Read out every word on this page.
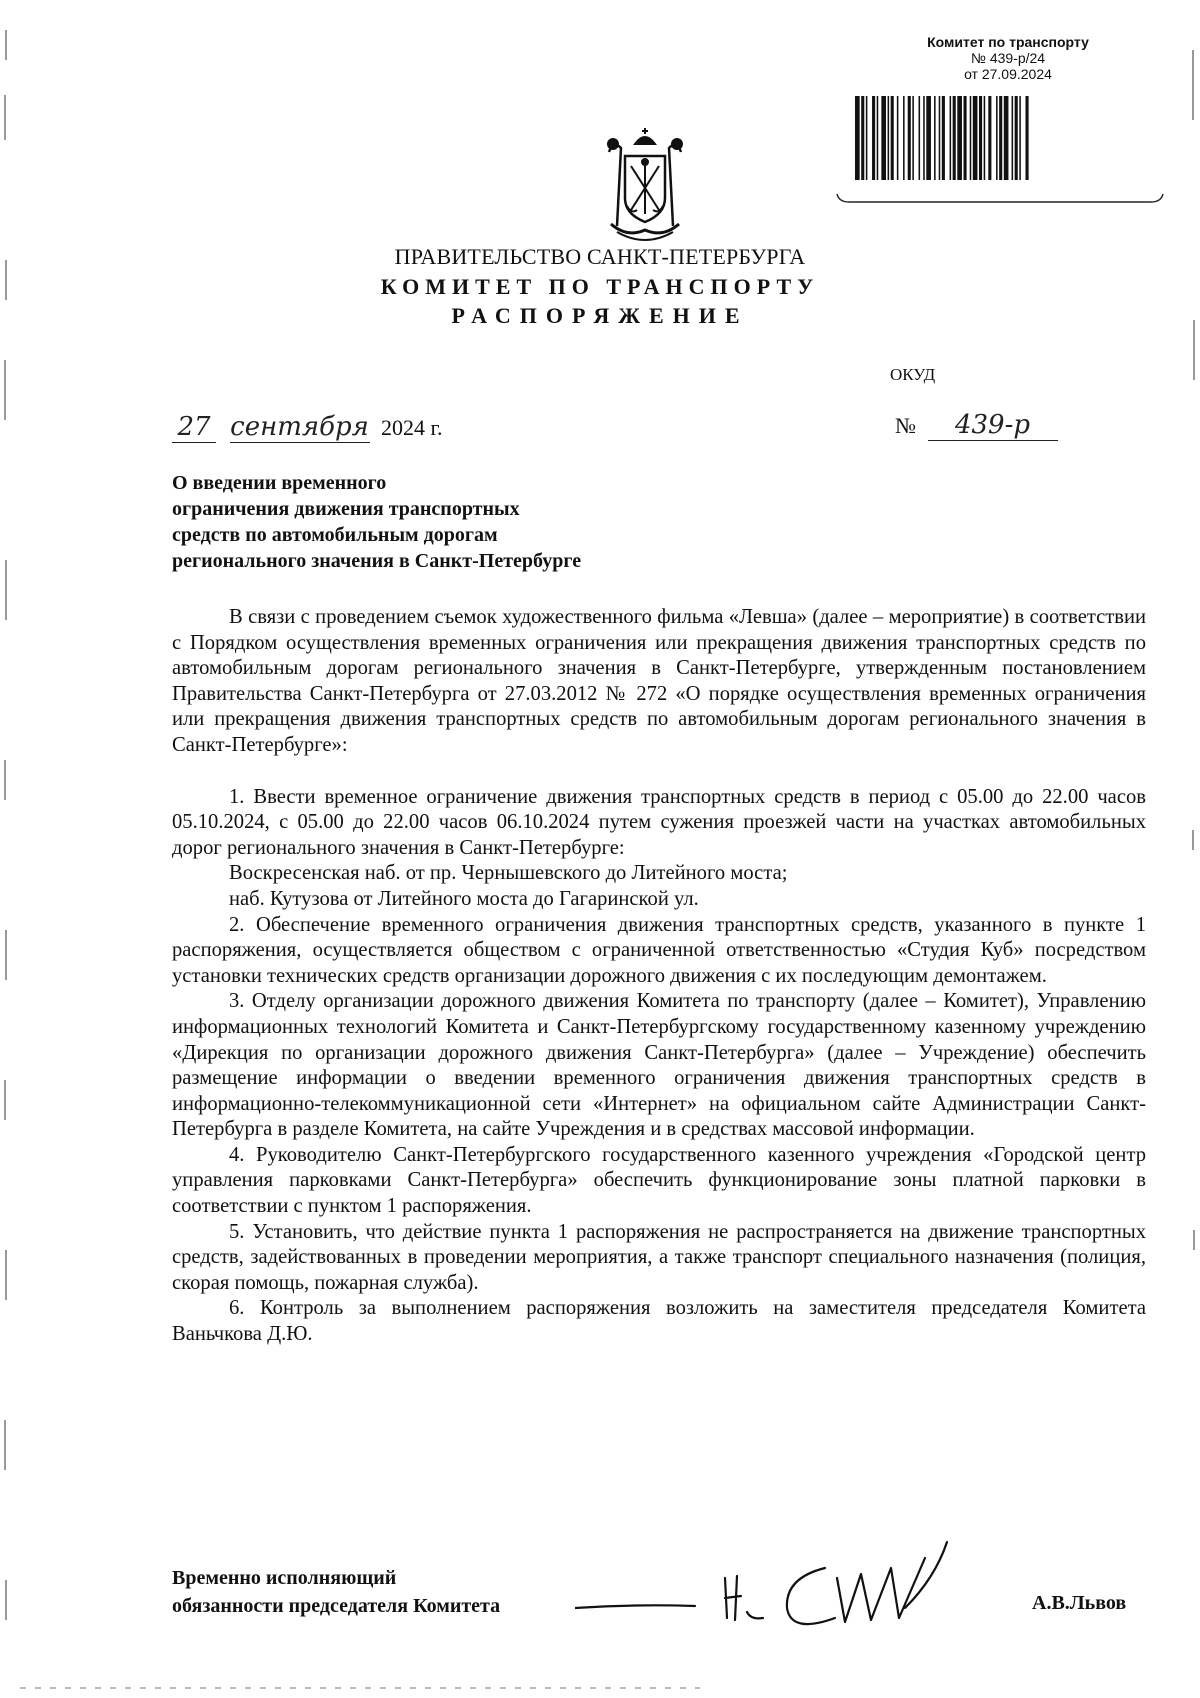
Комитет по транспорту
№ 439-р/24
от 27.09.2024
ПРАВИТЕЛЬСТВО САНКТ-ПЕТЕРБУРГА
КОМИТЕТ ПО ТРАНСПОРТУ
РАСПОРЯЖЕНИЕ
ОКУД
27 сентября 2024 г.	№ 439-р
О введении временного
ограничения движения транспортных
средств по автомобильным дорогам
регионального значения в Санкт-Петербурге

В связи с проведением съемок художественного фильма «Левша» (далее – мероприятие) в соответствии с Порядком осуществления временных ограничения или прекращения движения транспортных средств по автомобильным дорогам регионального значения в Санкт-Петербурге, утвержденным постановлением Правительства Санкт-Петербурга от 27.03.2012 № 272 «О порядке осуществления временных ограничения или прекращения движения транспортных средств по автомобильным дорогам регионального значения в Санкт-Петербурге»:

1. Ввести временное ограничение движения транспортных средств в период с 05.00 до 22.00 часов 05.10.2024, с 05.00 до 22.00 часов 06.10.2024 путем сужения проезжей части на участках автомобильных дорог регионального значения в Санкт-Петербурге:

Воскресенская наб. от пр. Чернышевского до Литейного моста;

наб. Кутузова от Литейного моста до Гагаринской ул.

2. Обеспечение временного ограничения движения транспортных средств, указанного в пункте 1 распоряжения, осуществляется обществом с ограниченной ответственностью «Студия Куб» посредством установки технических средств организации дорожного движения с их последующим демонтажем.

3. Отделу организации дорожного движения Комитета по транспорту (далее – Комитет), Управлению информационных технологий Комитета и Санкт-Петербургскому государственному казенному учреждению «Дирекция по организации дорожного движения Санкт-Петербурга» (далее – Учреждение) обеспечить размещение информации о введении временного ограничения движения транспортных средств в информационно-телекоммуникационной сети «Интернет» на официальном сайте Администрации Санкт-Петербурга в разделе Комитета, на сайте Учреждения и в средствах массовой информации.

4. Руководителю Санкт-Петербургского государственного казенного учреждения «Городской центр управления парковками Санкт-Петербурга» обеспечить функционирование зоны платной парковки в соответствии с пунктом 1 распоряжения.

5. Установить, что действие пункта 1 распоряжения не распространяется на движение транспортных средств, задействованных в проведении мероприятия, а также транспорт специального назначения (полиция, скорая помощь, пожарная служба).

6. Контроль за выполнением распоряжения возложить на заместителя председателя Комитета Ваньчкова Д.Ю.

Временно исполняющий
обязанности председателя Комитета	А.В.Львов
